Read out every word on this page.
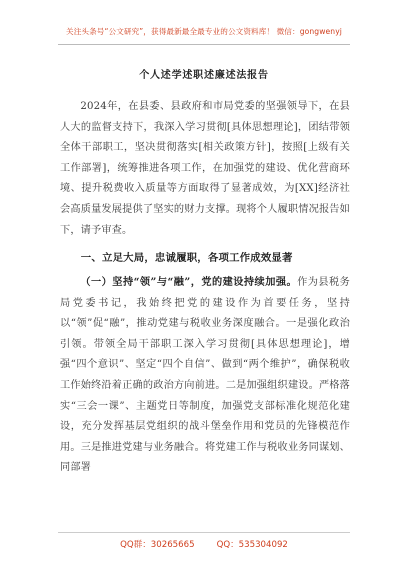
关注头条号“公文研究”，获得最新最全最专业的公文资料库！ 微信：gongwenyj
个人述学述职述廉述法报告
2024年，在县委、县政府和市局党委的坚强领导下，在县人大的监督支持下，我深入学习贯彻[具体思想理论]，团结带领全体干部职工，坚决贯彻落实[相关政策方针]，按照[上级有关工作部署]，统筹推进各项工作，在加强党的建设、优化营商环境、提升税费收入质量等方面取得了显著成效，为[XX]经济社会高质量发展提供了坚实的财力支撑。现将个人履职情况报告如下，请予审查。
一、立足大局，忠诚履职，各项工作成效显著
（一）坚持“领”与“融”，党的建设持续加强。作为县税务局党委书记，我始终把党的建设作为首要任务，坚持以“领”促“融”，推动党建与税收业务深度融合。一是强化政治引领。带领全局干部职工深入学习贯彻[具体思想理论]，增强“四个意识”、坚定“四个自信”、做到“两个维护”，确保税收工作始终沿着正确的政治方向前进。二是加强组织建设。严格落实“三会一课”、主题党日等制度，加强党支部标准化规范化建设，充分发挥基层党组织的战斗堡垒作用和党员的先锋模范作用。三是推进党建与业务融合。将党建工作与税收业务同谋划、同部署
QQ群：30265665	QQ：535304092
